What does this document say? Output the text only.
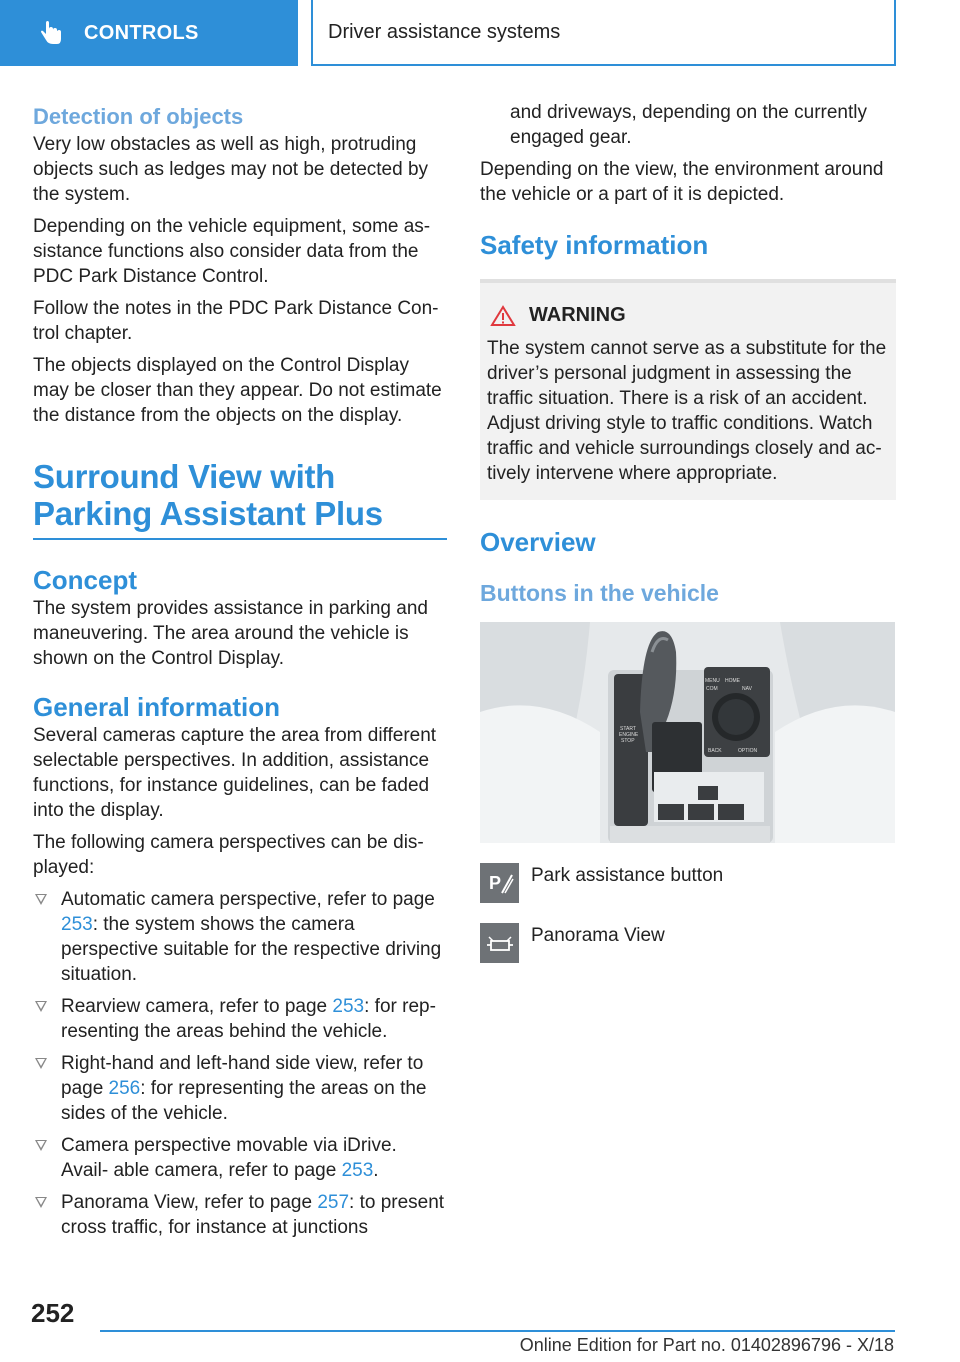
CONTROLS	Driver assistance systems
Detection of objects

Very low obstacles as well as high, protruding objects such as ledges may not be detected by the system.

Depending on the vehicle equipment, some as‐ sistance functions also consider data from the PDC Park Distance Control.

Follow the notes in the PDC Park Distance Con‐ trol chapter.

The objects displayed on the Control Display may be closer than they appear. Do not estimate the distance from the objects on the display.

Surround View with
Parking Assistant Plus
Concept

The system provides assistance in parking and maneuvering. The area around the vehicle is shown on the Control Display.

General information

Several cameras capture the area from different selectable perspectives. In addition, assistance functions, for instance guidelines, can be faded into the display.

The following camera perspectives can be dis‐ played:

Automatic camera perspective, refer to page 253: the system shows the camera perspective suitable for the respective driving situation.
Rearview camera, refer to page 253: for rep‐ resenting the areas behind the vehicle.
Right-hand and left-hand side view, refer to page 256: for representing the areas on the sides of the vehicle.
Camera perspective movable via iDrive. Avail‐ able camera, refer to page 253.
Panorama View, refer to page 257: to present cross traffic, for instance at junctions

and driveways, depending on the currently engaged gear.

Depending on the view, the environment around the vehicle or a part of it is depicted.

Safety information
WARNING

The system cannot serve as a substitute for the driver’s personal judgment in assessing the traffic situation. There is a risk of an accident. Adjust driving style to traffic conditions. Watch traffic and vehicle surroundings closely and ac‐ tively intervene where appropriate.

Overview
Buttons in the vehicle
MENU HOME
NAV
BACK	OPTION
COM
START
ENGINE
STOP
P Park assistance button
Panorama View
252
Online Edition for Part no. 01402896796 - X/18
